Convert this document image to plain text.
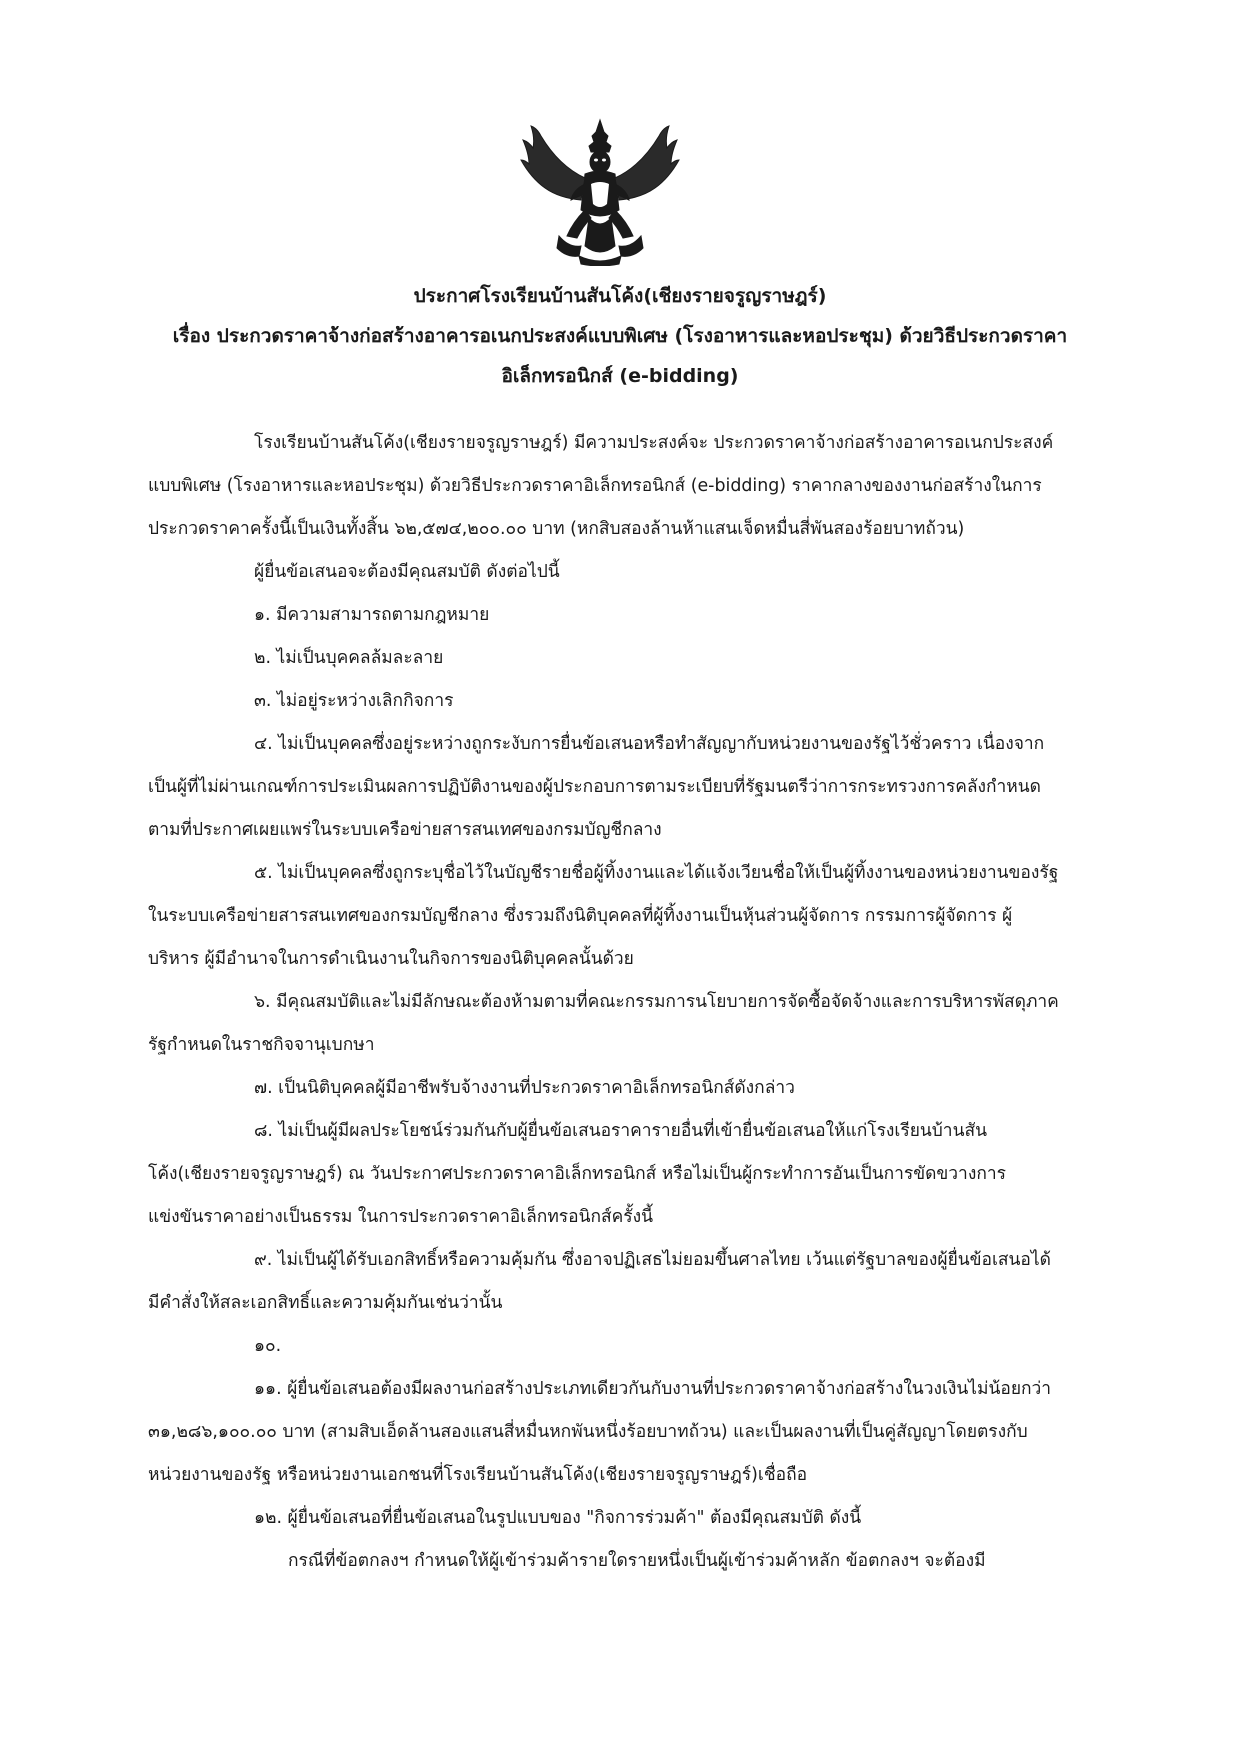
ประกาศโรงเรียนบ้านสันโค้ง(เชียงรายจรูญราษฎร์)
เรื่อง ประกวดราคาจ้างก่อสร้างอาคารอเนกประสงค์แบบพิเศษ (โรงอาหารและหอประชุม) ด้วยวิธีประกวดราคา
อิเล็กทรอนิกส์ (e-bidding)

โรงเรียนบ้านสันโค้ง(เชียงรายจรูญราษฎร์) มีความประสงค์จะ ประกวดราคาจ้างก่อสร้างอาคารอเนกประสงค์แบบพิเศษ (โรงอาหารและหอประชุม) ด้วยวิธีประกวดราคาอิเล็กทรอนิกส์ (e-bidding) ราคากลางของงานก่อสร้างในการประกวดราคาครั้งนี้เป็นเงินทั้งสิ้น ๖๒,๕๗๔,๒๐๐.๐๐ บาท (หกสิบสองล้านห้าแสนเจ็ดหมื่นสี่พันสองร้อยบาทถ้วน)

ผู้ยื่นข้อเสนอจะต้องมีคุณสมบัติ ดังต่อไปนี้

๑. มีความสามารถตามกฎหมาย

๒. ไม่เป็นบุคคลล้มละลาย

๓. ไม่อยู่ระหว่างเลิกกิจการ

๔. ไม่เป็นบุคคลซึ่งอยู่ระหว่างถูกระงับการยื่นข้อเสนอหรือทำสัญญากับหน่วยงานของรัฐไว้ชั่วคราว เนื่องจากเป็นผู้ที่ไม่ผ่านเกณฑ์การประเมินผลการปฏิบัติงานของผู้ประกอบการตามระเบียบที่รัฐมนตรีว่าการกระทรวงการคลังกำหนดตามที่ประกาศเผยแพร่ในระบบเครือข่ายสารสนเทศของกรมบัญชีกลาง

๕. ไม่เป็นบุคคลซึ่งถูกระบุชื่อไว้ในบัญชีรายชื่อผู้ทิ้งงานและได้แจ้งเวียนชื่อให้เป็นผู้ทิ้งงานของหน่วยงานของรัฐในระบบเครือข่ายสารสนเทศของกรมบัญชีกลาง ซึ่งรวมถึงนิติบุคคลที่ผู้ทิ้งงานเป็นหุ้นส่วนผู้จัดการ กรรมการผู้จัดการ ผู้บริหาร ผู้มีอำนาจในการดำเนินงานในกิจการของนิติบุคคลนั้นด้วย

๖. มีคุณสมบัติและไม่มีลักษณะต้องห้ามตามที่คณะกรรมการนโยบายการจัดซื้อจัดจ้างและการบริหารพัสดุภาครัฐกำหนดในราชกิจจานุเบกษา

๗. เป็นนิติบุคคลผู้มีอาชีพรับจ้างงานที่ประกวดราคาอิเล็กทรอนิกส์ดังกล่าว

๘. ไม่เป็นผู้มีผลประโยชน์ร่วมกันกับผู้ยื่นข้อเสนอราคารายอื่นที่เข้ายื่นข้อเสนอให้แก่โรงเรียนบ้านสันโค้ง(เชียงรายจรูญราษฎร์) ณ วันประกาศประกวดราคาอิเล็กทรอนิกส์ หรือไม่เป็นผู้กระทำการอันเป็นการขัดขวางการแข่งขันราคาอย่างเป็นธรรม ในการประกวดราคาอิเล็กทรอนิกส์ครั้งนี้

๙. ไม่เป็นผู้ได้รับเอกสิทธิ์หรือความคุ้มกัน ซึ่งอาจปฏิเสธไม่ยอมขึ้นศาลไทย เว้นแต่รัฐบาลของผู้ยื่นข้อเสนอได้มีคำสั่งให้สละเอกสิทธิ์และความคุ้มกันเช่นว่านั้น

๑๐.

๑๑. ผู้ยื่นข้อเสนอต้องมีผลงานก่อสร้างประเภทเดียวกันกับงานที่ประกวดราคาจ้างก่อสร้างในวงเงินไม่น้อยกว่า ๓๑,๒๘๖,๑๐๐.๐๐ บาท (สามสิบเอ็ดล้านสองแสนสี่หมื่นหกพันหนึ่งร้อยบาทถ้วน) และเป็นผลงานที่เป็นคู่สัญญาโดยตรงกับหน่วยงานของรัฐ หรือหน่วยงานเอกชนที่โรงเรียนบ้านสันโค้ง(เชียงรายจรูญราษฎร์)เชื่อถือ

๑๒. ผู้ยื่นข้อเสนอที่ยื่นข้อเสนอในรูปแบบของ "กิจการร่วมค้า" ต้องมีคุณสมบัติ ดังนี้

กรณีที่ข้อตกลงฯ กำหนดให้ผู้เข้าร่วมค้ารายใดรายหนึ่งเป็นผู้เข้าร่วมค้าหลัก ข้อตกลงฯ จะต้องมี
